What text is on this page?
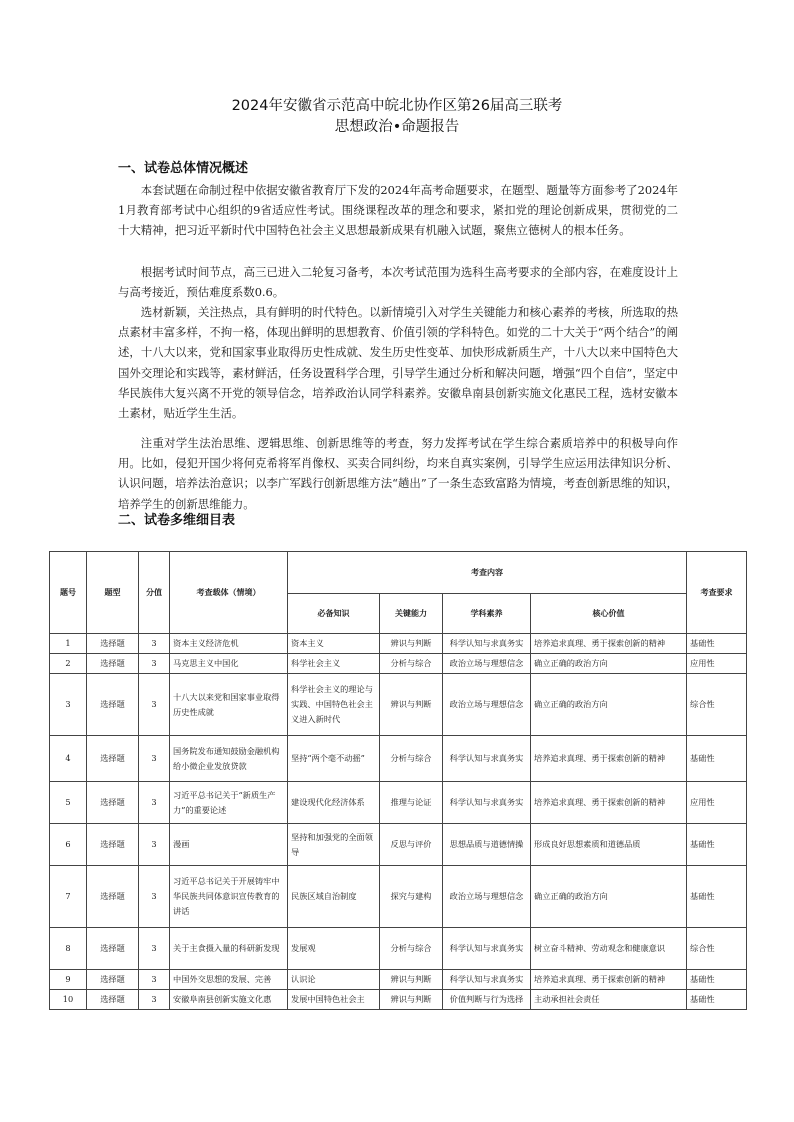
2024年安徽省示范高中皖北协作区第26届高三联考
思想政治•命题报告
一、试卷总体情况概述
本套试题在命制过程中依据安徽省教育厅下发的2024年高考命题要求，在题型、题量等方面参考了2024年1月教育部考试中心组织的9省适应性考试。围绕课程改革的理念和要求，紧扣党的理论创新成果，贯彻党的二十大精神，把习近平新时代中国特色社会主义思想最新成果有机融入试题，聚焦立德树人的根本任务。
根据考试时间节点，高三已进入二轮复习备考，本次考试范围为选科生高考要求的全部内容，在难度设计上与高考接近，预估难度系数0.6。
选材新颖，关注热点，具有鲜明的时代特色。以新情境引入对学生关键能力和核心素养的考核，所选取的热点素材丰富多样，不拘一格，体现出鲜明的思想教育、价值引领的学科特色。如党的二十大关于“两个结合”的阐述，十八大以来，党和国家事业取得历史性成就、发生历史性变革、加快形成新质生产，十八大以来中国特色大国外交理论和实践等，素材鲜活，任务设置科学合理，引导学生通过分析和解决问题，增强“四个自信”，坚定中华民族伟大复兴离不开党的领导信念，培养政治认同学科素养。安徽阜南县创新实施文化惠民工程，选材安徽本土素材，贴近学生生活。
注重对学生法治思维、逻辑思维、创新思维等的考查，努力发挥考试在学生综合素质培养中的积极导向作用。比如，侵犯开国少将何克希将军肖像权、买卖合同纠纷，均来自真实案例，引导学生应运用法律知识分析、认识问题，培养法治意识；以李广军践行创新思维方法“趟出”了一条生态致富路为情境，考查创新思维的知识，培养学生的创新思维能力。
二、试卷多维细目表
题号	题型	分值	考查载体（情境）	考查内容				考查要求
				必备知识	关键能力	学科素养	核心价值	
1	选择题	3	资本主义经济危机	资本主义	辨识与判断	科学认知与求真务实	培养追求真理、勇于探索创新的精神	基础性
2	选择题	3	马克思主义中国化	科学社会主义	分析与综合	政治立场与理想信念	确立正确的政治方向	应用性
3	选择题	3	十八大以来党和国家事业取得历史性成就	科学社会主义的理论与实践、中国特色社会主义进入新时代	辨识与判断	政治立场与理想信念	确立正确的政治方向	综合性
4	选择题	3	国务院发布通知鼓励金融机构给小微企业发放贷款	坚持“两个毫不动摇”	分析与综合	科学认知与求真务实	培养追求真理、勇于探索创新的精神	基础性
5	选择题	3	习近平总书记关于“新质生产力”的重要论述	建设现代化经济体系	推理与论证	科学认知与求真务实	培养追求真理、勇于探索创新的精神	应用性
6	选择题	3	漫画	坚持和加强党的全面领导	反思与评价	思想品质与道德情操	形成良好思想素质和道德品质	基础性
7	选择题	3	习近平总书记关于开展铸牢中华民族共同体意识宣传教育的讲话	民族区域自治制度	探究与建构	政治立场与理想信念	确立正确的政治方向	基础性
8	选择题	3	关于主食摄入量的科研新发现	发展观	分析与综合	科学认知与求真务实	树立奋斗精神、劳动观念和健康意识	综合性
9	选择题	3	中国外交思想的发展、完善	认识论	辨识与判断	科学认知与求真务实	培养追求真理、勇于探索创新的精神	基础性
10	选择题	3	安徽阜南县创新实施文化惠	发展中国特色社会主	辨识与判断	价值判断与行为选择	主动承担社会责任	基础性
